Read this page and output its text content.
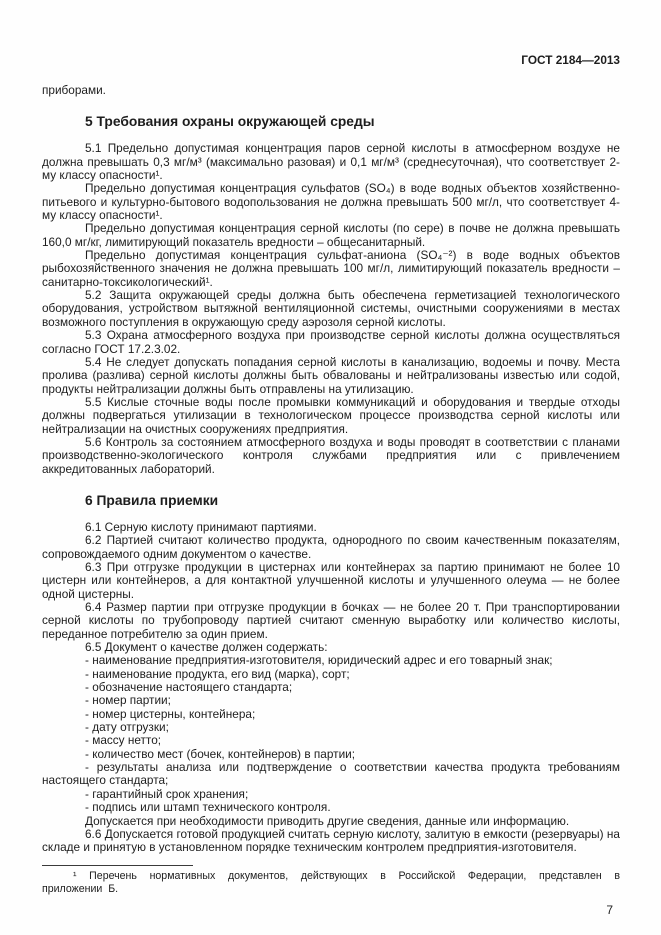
ГОСТ 2184—2013

приборами.

5 Требования охраны окружающей среды

5.1 Предельно допустимая концентрация паров серной кислоты в атмосферном воздухе не должна превышать 0,3 мг/м³ (максимально разовая) и 0,1 мг/м³ (среднесуточная), что соответствует 2-му классу опасности¹.

Предельно допустимая концентрация сульфатов (SO₄) в воде водных объектов хозяйственно-питьевого и культурно-бытового водопользования не должна превышать 500 мг/л, что соответствует 4-му классу опасности¹.

Предельно допустимая концентрация серной кислоты (по сере) в почве не должна превышать 160,0 мг/кг, лимитирующий показатель вредности – общесанитарный.

Предельно допустимая концентрация сульфат-аниона (SO₄⁻²) в воде водных объектов рыбохозяйственного значения не должна превышать 100 мг/л, лимитирующий показатель вредности – санитарно-токсикологический¹.

5.2 Защита окружающей среды должна быть обеспечена герметизацией технологического оборудования, устройством вытяжной вентиляционной системы, очистными сооружениями в местах возможного поступления в окружающую среду аэрозоля серной кислоты.

5.3 Охрана атмосферного воздуха при производстве серной кислоты должна осуществляться согласно ГОСТ 17.2.3.02.

5.4 Не следует допускать попадания серной кислоты в канализацию, водоемы и почву. Места пролива (разлива) серной кислоты должны быть обвалованы и нейтрализованы известью или содой, продукты нейтрализации должны быть отправлены на утилизацию.

5.5 Кислые сточные воды после промывки коммуникаций и оборудования и твердые отходы должны подвергаться утилизации в технологическом процессе производства серной кислоты или нейтрализации на очистных сооружениях предприятия.

5.6 Контроль за состоянием атмосферного воздуха и воды проводят в соответствии с планами производственно-экологического контроля службами предприятия или с привлечением аккредитованных лабораторий.

6 Правила приемки

6.1 Серную кислоту принимают партиями.

6.2 Партией считают количество продукта, однородного по своим качественным показателям, сопровождаемого одним документом о качестве.

6.3 При отгрузке продукции в цистернах или контейнерах за партию принимают не более 10 цистерн или контейнеров, а для контактной улучшенной кислоты и улучшенного олеума — не более одной цистерны.

6.4 Размер партии при отгрузке продукции в бочках — не более 20 т. При транспортировании серной кислоты по трубопроводу партией считают сменную выработку или количество кислоты, переданное потребителю за один прием.

6.5 Документ о качестве должен содержать:

- наименование предприятия-изготовителя, юридический адрес и его товарный знак;

- наименование продукта, его вид (марка), сорт;

- обозначение настоящего стандарта;

- номер партии;

- номер цистерны, контейнера;

- дату отгрузки;

- массу нетто;

- количество мест (бочек, контейнеров) в партии;

- результаты анализа или подтверждение о соответствии качества продукта требованиям настоящего стандарта;

- гарантийный срок хранения;

- подпись или штамп технического контроля.

Допускается при необходимости приводить другие сведения, данные или информацию.

6.6 Допускается готовой продукцией считать серную кислоту, залитую в емкости (резервуары) на складе и принятую в установленном порядке техническим контролем предприятия-изготовителя.

¹ Перечень нормативных документов, действующих в Российской Федерации, представлен в приложении Б.

7
